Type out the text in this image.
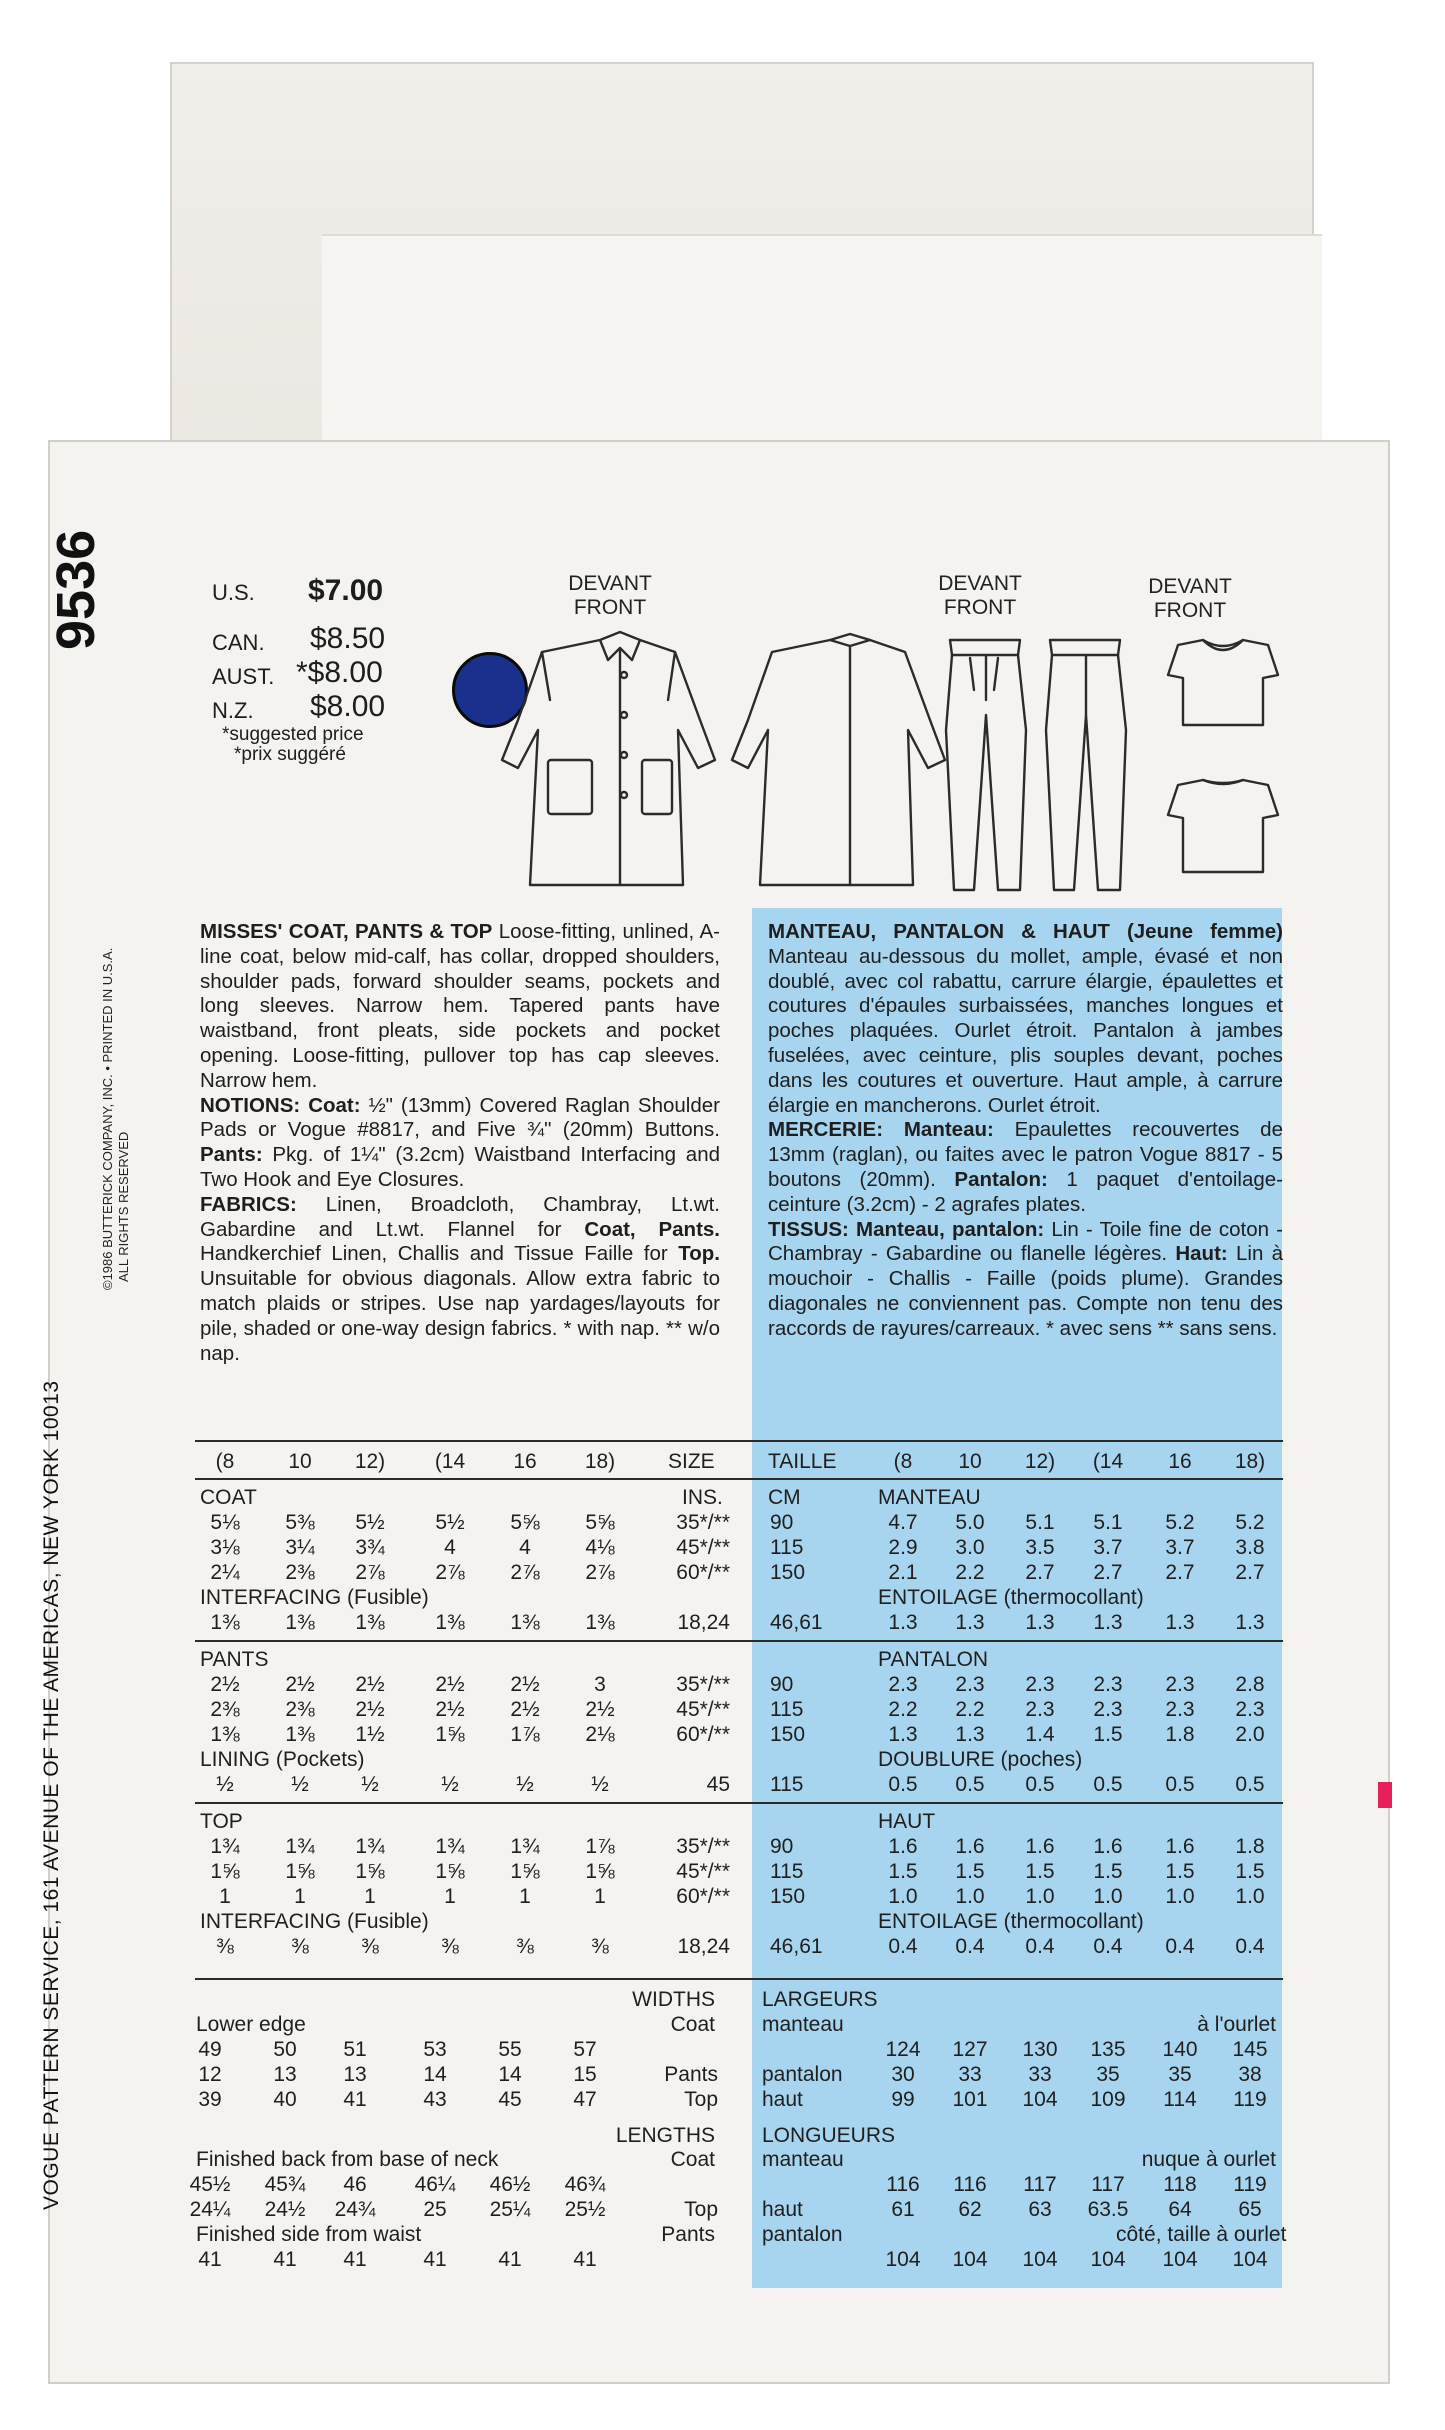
VOGUE PATTERN SERVICE, 161 AVENUE OF THE AMERICAS, NEW YORK 10013
9536
©1986 BUTTERICK COMPANY, INC. • PRINTED IN U.S.A. ALL RIGHTS RESERVED
U.S.	$7.00
CAN.	$8.50
AUST. *$8.00
N.Z.	$8.00
*suggested price
*prix suggéré
DEVANT
FRONT
DEVANT
FRONT
DEVANT
FRONT
MISSES' COAT, PANTS & TOP Loose-fitting, unlined, A-line coat, below mid-calf, has collar, dropped shoulders, shoulder pads, forward shoulder seams, pockets and long sleeves. Narrow hem. Tapered pants have waistband, front pleats, side pockets and pocket opening. Loose-fitting, pullover top has cap sleeves. Narrow hem.
NOTIONS: Coat: ½" (13mm) Covered Raglan Shoulder Pads or Vogue #8817, and Five ¾" (20mm) Buttons. Pants: Pkg. of 1¼" (3.2cm) Waistband Interfacing and Two Hook and Eye Closures.
FABRICS: Linen, Broadcloth, Chambray, Lt.wt. Gabardine and Lt.wt. Flannel for Coat, Pants. Handkerchief Linen, Challis and Tissue Faille for Top. Unsuitable for obvious diagonals. Allow extra fabric to match plaids or stripes. Use nap yardages/layouts for pile, shaded or one-way design fabrics. * with nap. ** w/o nap.
MANTEAU, PANTALON & HAUT (Jeune femme) Manteau au-dessous du mollet, ample, évasé et non doublé, avec col rabattu, carrure élargie, épaulettes et coutures d'épaules surbaissées, manches longues et poches plaquées. Ourlet étroit. Pantalon à jambes fuselées, avec ceinture, plis souples devant, poches dans les coutures et ouverture. Haut ample, à carrure élargie en mancherons. Ourlet étroit.
MERCERIE: Manteau: Epaulettes recouvertes de 13mm (raglan), ou faites avec le patron Vogue 8817 - 5 boutons (20mm). Pantalon: 1 paquet d'entoilage-ceinture (3.2cm) - 2 agrafes plates.
TISSUS: Manteau, pantalon: Lin - Toile fine de coton - Chambray - Gabardine ou flanelle légères. Haut: Lin à mouchoir - Challis - Faille (poids plume). Grandes diagonales ne conviennent pas. Compte non tenu des raccords de rayures/carreaux. * avec sens ** sans sens.
(8	10	12)	(14	16	18)	SIZE	TAILLE	(8	10	12)	(14	16	18)
COAT	MANTEAU
INS. CM
5⅛	5⅜	5½	5½	5⅝	5⅝	35*/** 90	4.7	5.0	5.1	5.1	5.2	5.2
3⅛	3¼	3¾	4	4	4⅛	45*/** 115	2.9	3.0	3.5	3.7	3.7	3.8
2¼	2⅜	2⅞	2⅞	2⅞	2⅞	60*/** 150	2.1	2.2	2.7	2.7	2.7	2.7
INTERFACING (Fusible)	ENTOILAGE (thermocollant)
1⅜	1⅜	1⅜	1⅜	1⅜	1⅜	18,24 46,61	1.3	1.3	1.3	1.3	1.3	1.3
PANTS	PANTALON
2½	2½	2½	2½	2½	3	35*/** 90	2.3	2.3	2.3	2.3	2.3	2.8
2⅜	2⅜	2½	2½	2½	2½	45*/** 115	2.2	2.2	2.3	2.3	2.3	2.3
1⅜	1⅜	1½	1⅝	1⅞	2⅛	60*/** 150	1.3	1.3	1.4	1.5	1.8	2.0
LINING (Pockets)	DOUBLURE (poches)
½	½	½	½	½	½	45 115	0.5	0.5	0.5	0.5	0.5	0.5
TOP	HAUT
1¾	1¾	1¾	1¾	1¾	1⅞	35*/** 90	1.6	1.6	1.6	1.6	1.6	1.8
1⅝	1⅝	1⅝	1⅝	1⅝	1⅝	45*/** 115	1.5	1.5	1.5	1.5	1.5	1.5
1	1	1	1	1	1	60*/** 150	1.0	1.0	1.0	1.0	1.0	1.0
INTERFACING (Fusible)	ENTOILAGE (thermocollant)
⅜	⅜	⅜	⅜	⅜	⅜	18,24 46,61	0.4	0.4	0.4	0.4	0.4	0.4
WIDTHS LARGEURS
Lower edge	Coat manteau	à l'ourlet
49	50	51	53	55	57	124	127	130	135	140	145
12	13	13	14	14	15	Pants pantalon	30	33	33	35	35	38
39	40	41	43	45	47	Top haut	99	101	104	109	114	119
LENGTHS LONGUEURS
Finished back from base of neck	Coat manteau	nuque à ourlet
45½	45¾	46	46¼	46½	46¾	116	116	117	117	118	119
24¼	24½	24¾	25	25¼	25½	Top haut	61	62	63	63.5	64	65
Finished side from waist	Pants pantalon	côté, taille à ourlet
41	41	41	41	41	41	104	104	104	104	104	104
